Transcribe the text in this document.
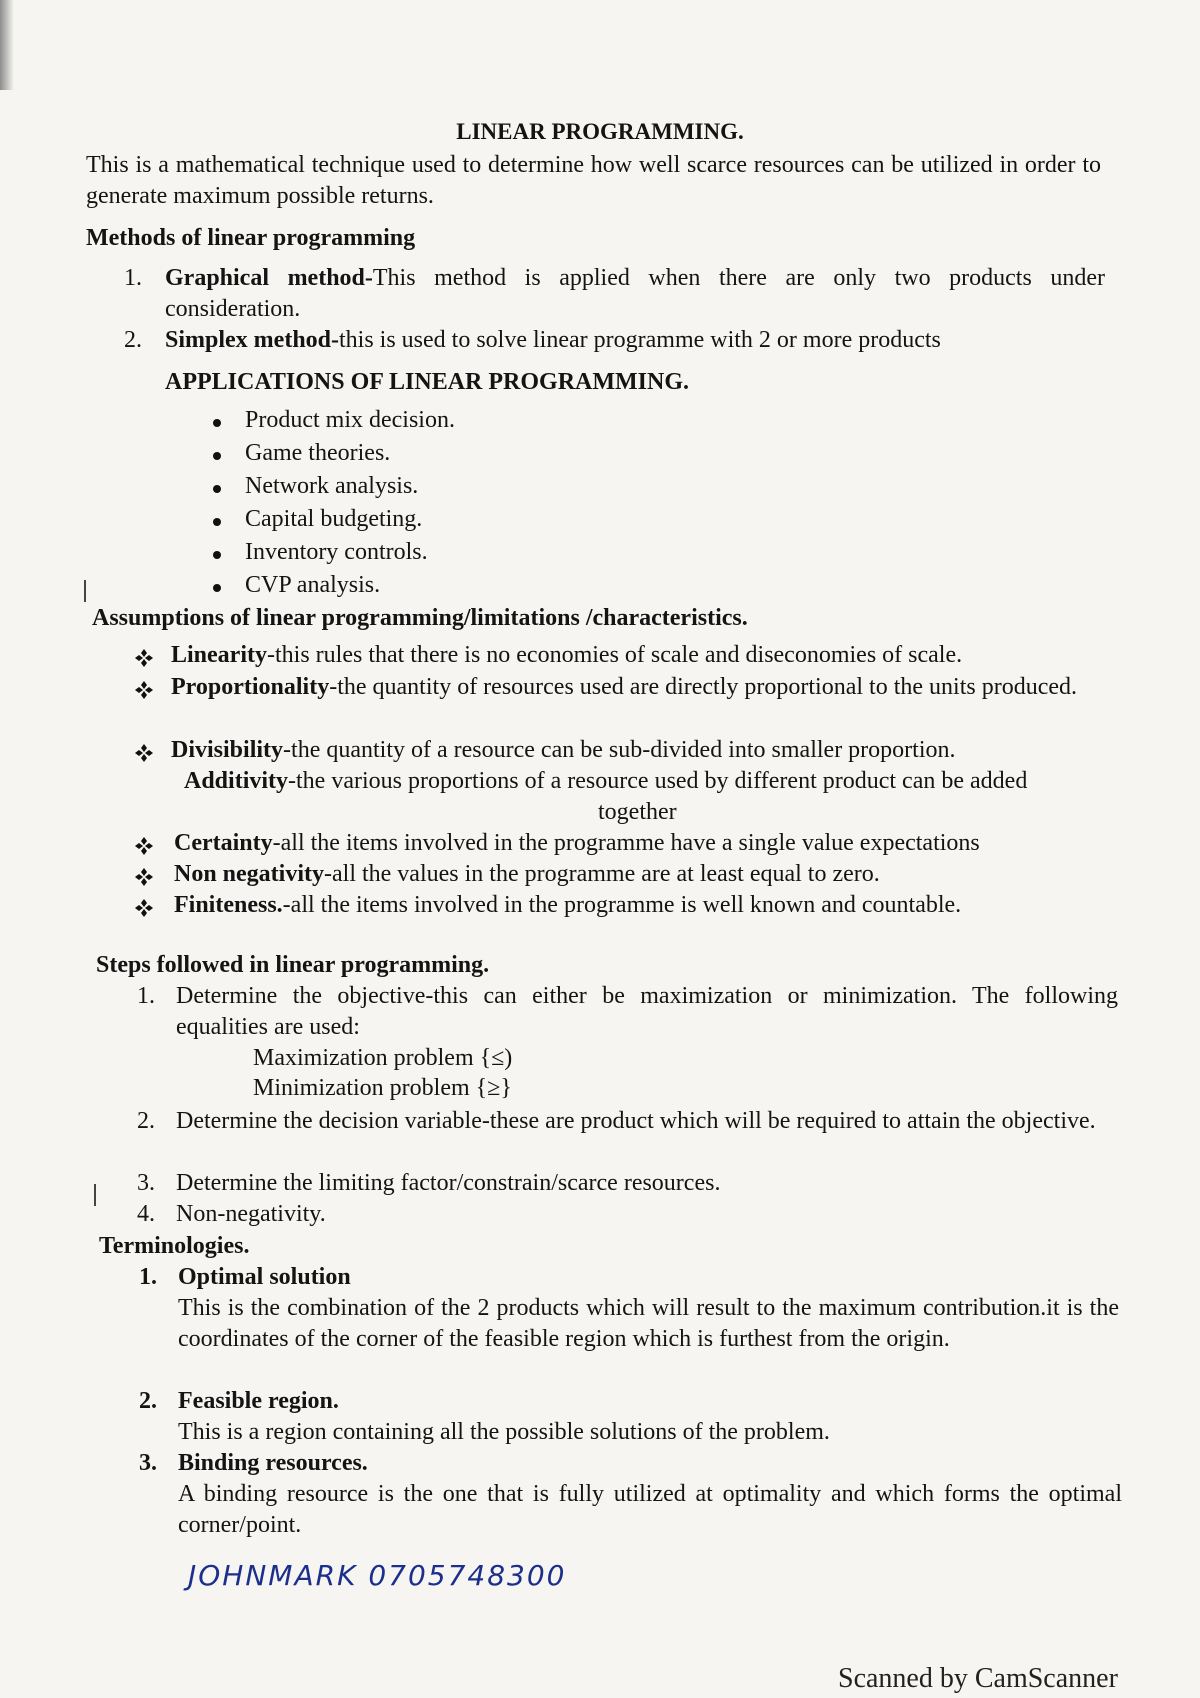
LINEAR PROGRAMMING.
This is a mathematical technique used to determine how well scarce resources can be utilized in order to generate maximum possible returns.
Methods of linear programming
1. Graphical method-This method is applied when there are only two products under consideration.
2. Simplex method-this is used to solve linear programme with 2 or more products
APPLICATIONS OF LINEAR PROGRAMMING.
Product mix decision.
Game theories.
Network analysis.
Capital budgeting.
Inventory controls.
CVP analysis.
Assumptions of linear programming/limitations /characteristics.
Linearity-this rules that there is no economies of scale and diseconomies of scale.
Proportionality-the quantity of resources used are directly proportional to the units produced.
Divisibility-the quantity of a resource can be sub-divided into smaller proportion.
Additivity-the various proportions of a resource used by different product can be added
together
Certainty-all the items involved in the programme have a single value expectations
Non negativity-all the values in the programme are at least equal to zero.
Finiteness.-all the items involved in the programme is well known and countable.
Steps followed in linear programming.
1. Determine the objective-this can either be maximization or minimization. The following equalities are used:
Maximization problem {≤)
Minimization problem {≥}
2. Determine the decision variable-these are product which will be required to attain the objective.
3. Determine the limiting factor/constrain/scarce resources.
4. Non-negativity.
Terminologies.
1. Optimal solution
This is the combination of the 2 products which will result to the maximum contribution.it is the coordinates of the corner of the feasible region which is furthest from the origin.
2. Feasible region.
This is a region containing all the possible solutions of the problem.
3. Binding resources.
A binding resource is the one that is fully utilized at optimality and which forms the optimal corner/point.
JOHNMARK 0705748300
Scanned by CamScanner
